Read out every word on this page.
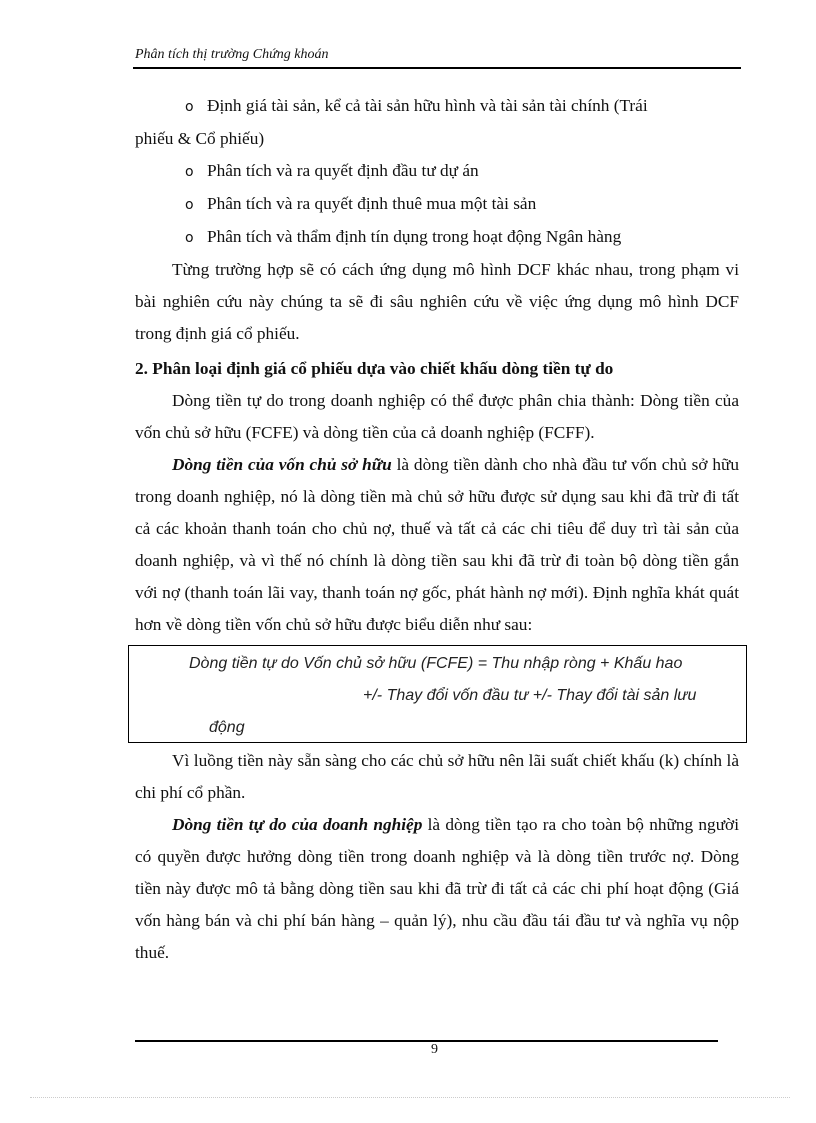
Phân tích thị trường Chứng khoán
o Định giá tài sản, kể cả tài sản hữu hình và tài sản tài chính (Trái

phiếu & Cổ phiếu)

o Phân tích và ra quyết định đầu tư dự án
o Phân tích và ra quyết định thuê mua một tài sản
o Phân tích và thẩm định tín dụng trong hoạt động Ngân hàng

Từng trường hợp sẽ có cách ứng dụng mô hình DCF khác nhau, trong phạm vi bài nghiên cứu này chúng ta sẽ đi sâu nghiên cứu về việc ứng dụng mô hình DCF trong định giá cổ phiếu.

2. Phân loại định giá cổ phiếu dựa vào chiết khấu dòng tiền tự do

Dòng tiền tự do trong doanh nghiệp có thể được phân chia thành: Dòng tiền của vốn chủ sở hữu (FCFE) và dòng tiền của cả doanh nghiệp (FCFF).

Dòng tiền của vốn chủ sở hữu là dòng tiền dành cho nhà đầu tư vốn chủ sở hữu trong doanh nghiệp, nó là dòng tiền mà chủ sở hữu được sử dụng sau khi đã trừ đi tất cả các khoản thanh toán cho chủ nợ, thuế và tất cả các chi tiêu để duy trì tài sản của doanh nghiệp, và vì thế nó chính là dòng tiền sau khi đã trừ đi toàn bộ dòng tiền gắn với nợ (thanh toán lãi vay, thanh toán nợ gốc, phát hành nợ mới). Định nghĩa khát quát hơn về dòng tiền vốn chủ sở hữu được biểu diễn như sau:

Dòng tiền tự do Vốn chủ sở hữu (FCFE) = Thu nhập ròng + Khấu hao
+/- Thay đổi vốn đầu tư +/- Thay đổi tài sản lưu
động

Vì luồng tiền này sẵn sàng cho các chủ sở hữu nên lãi suất chiết khấu (k) chính là chi phí cổ phần.

Dòng tiền tự do của doanh nghiệp là dòng tiền tạo ra cho toàn bộ những người có quyền được hưởng dòng tiền trong doanh nghiệp và là dòng tiền trước nợ. Dòng tiền này được mô tả bằng dòng tiền sau khi đã trừ đi tất cả các chi phí hoạt động (Giá vốn hàng bán và chi phí bán hàng – quản lý), nhu cầu đầu tái đầu tư và nghĩa vụ nộp thuế.

9
